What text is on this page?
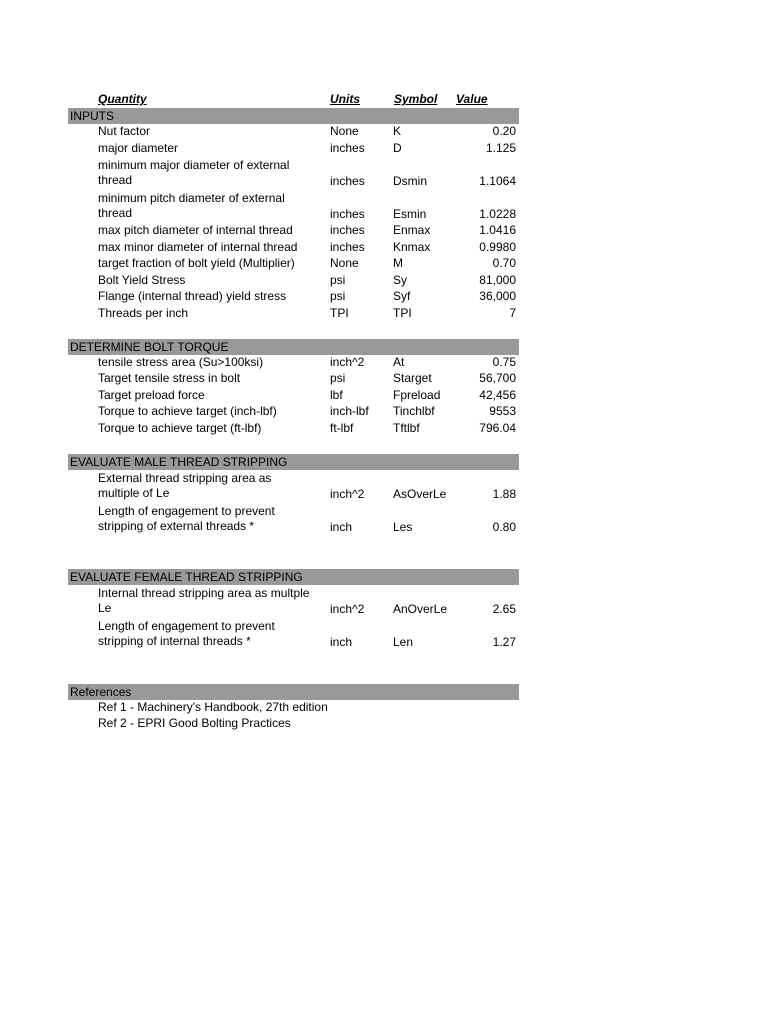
Quantity	Units	Symbol Value
INPUTS
Nut factor	None	K	0.20
major diameter	inches D	1.125
minimum major diameter of external
thread	inches Dsmin	1.1064
minimum pitch diameter of external
thread	inches Esmin	1.0228
max pitch diameter of internal thread	inches Enmax	1.0416
max minor diameter of internal thread	inches Knmax	0.9980
target fraction of bolt yield (Multiplier)	None	M	0.70
Bolt Yield Stress	psi	Sy	81,000
Flange (internal thread) yield stress	psi	Syf	36,000
Threads per inch	TPI	TPI	7
DETERMINE BOLT TORQUE
tensile stress area (Su>100ksi)	inch^2 At	0.75
Target tensile stress in bolt	psi	Starget	56,700
Target preload force	lbf	Fpreload	42,456
Torque to achieve target (inch-lbf)	inch-lbf Tinchlbf	9553
Torque to achieve target (ft-lbf)	ft-lbf	Tftlbf	796.04
EVALUATE MALE THREAD STRIPPING
External thread stripping area as
multiple of Le	inch^2 AsOverLe	1.88
Length of engagement to prevent
stripping of external threads *	inch	Les	0.80
EVALUATE FEMALE THREAD STRIPPING
Internal thread stripping area as multple
Le	inch^2 AnOverLe	2.65
Length of engagement to prevent
stripping of internal threads *	inch	Len	1.27
References
Ref 1 - Machinery's Handbook, 27th edition
Ref 2 - EPRI Good Bolting Practices
